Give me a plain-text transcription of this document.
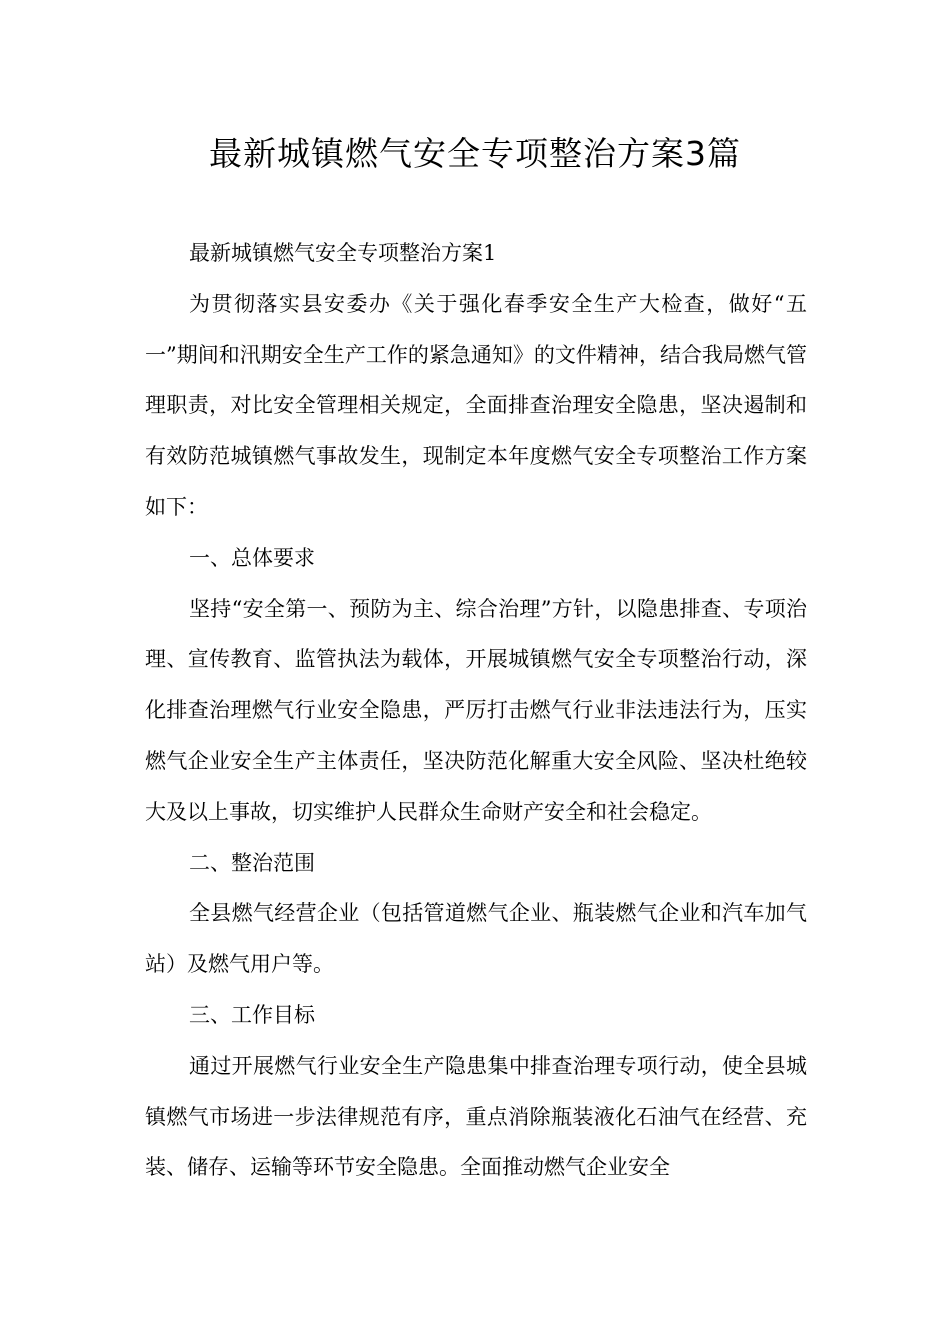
最新城镇燃气安全专项整治方案3篇

最新城镇燃气安全专项整治方案1

为贯彻落实县安委办《关于强化春季安全生产大检查，做好“五一”期间和汛期安全生产工作的紧急通知》的文件精神，结合我局燃气管理职责，对比安全管理相关规定，全面排查治理安全隐患，坚决遏制和有效防范城镇燃气事故发生，现制定本年度燃气安全专项整治工作方案如下：

一、总体要求

坚持“安全第一、预防为主、综合治理”方针，以隐患排查、专项治理、宣传教育、监管执法为载体，开展城镇燃气安全专项整治行动，深化排查治理燃气行业安全隐患，严厉打击燃气行业非法违法行为，压实燃气企业安全生产主体责任，坚决防范化解重大安全风险、坚决杜绝较大及以上事故，切实维护人民群众生命财产安全和社会稳定。

二、整治范围

全县燃气经营企业（包括管道燃气企业、瓶装燃气企业和汽车加气站）及燃气用户等。

三、工作目标

通过开展燃气行业安全生产隐患集中排查治理专项行动，使全县城镇燃气市场进一步法律规范有序，重点消除瓶装液化石油气在经营、充装、储存、运输等环节安全隐患。全面推动燃气企业安全
